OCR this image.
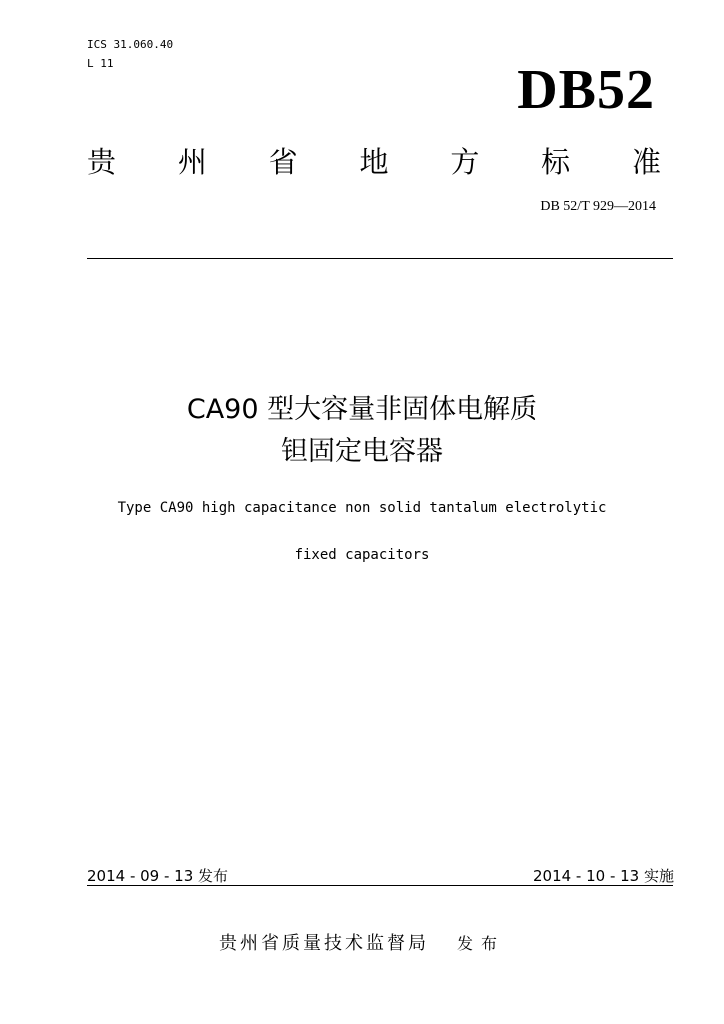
ICS 31.060.40
L 11	DB52
贵 州 省 地 方 标 准
DB 52/T 929—2014
CA90 型大容量非固体电解质
钽固定电容器
Type CA90 high capacitance non solid tantalum electrolytic
fixed capacitors
2014 - 09 - 13 发布	2014 - 10 - 13 实施
贵州省质量技术监督局 发布
